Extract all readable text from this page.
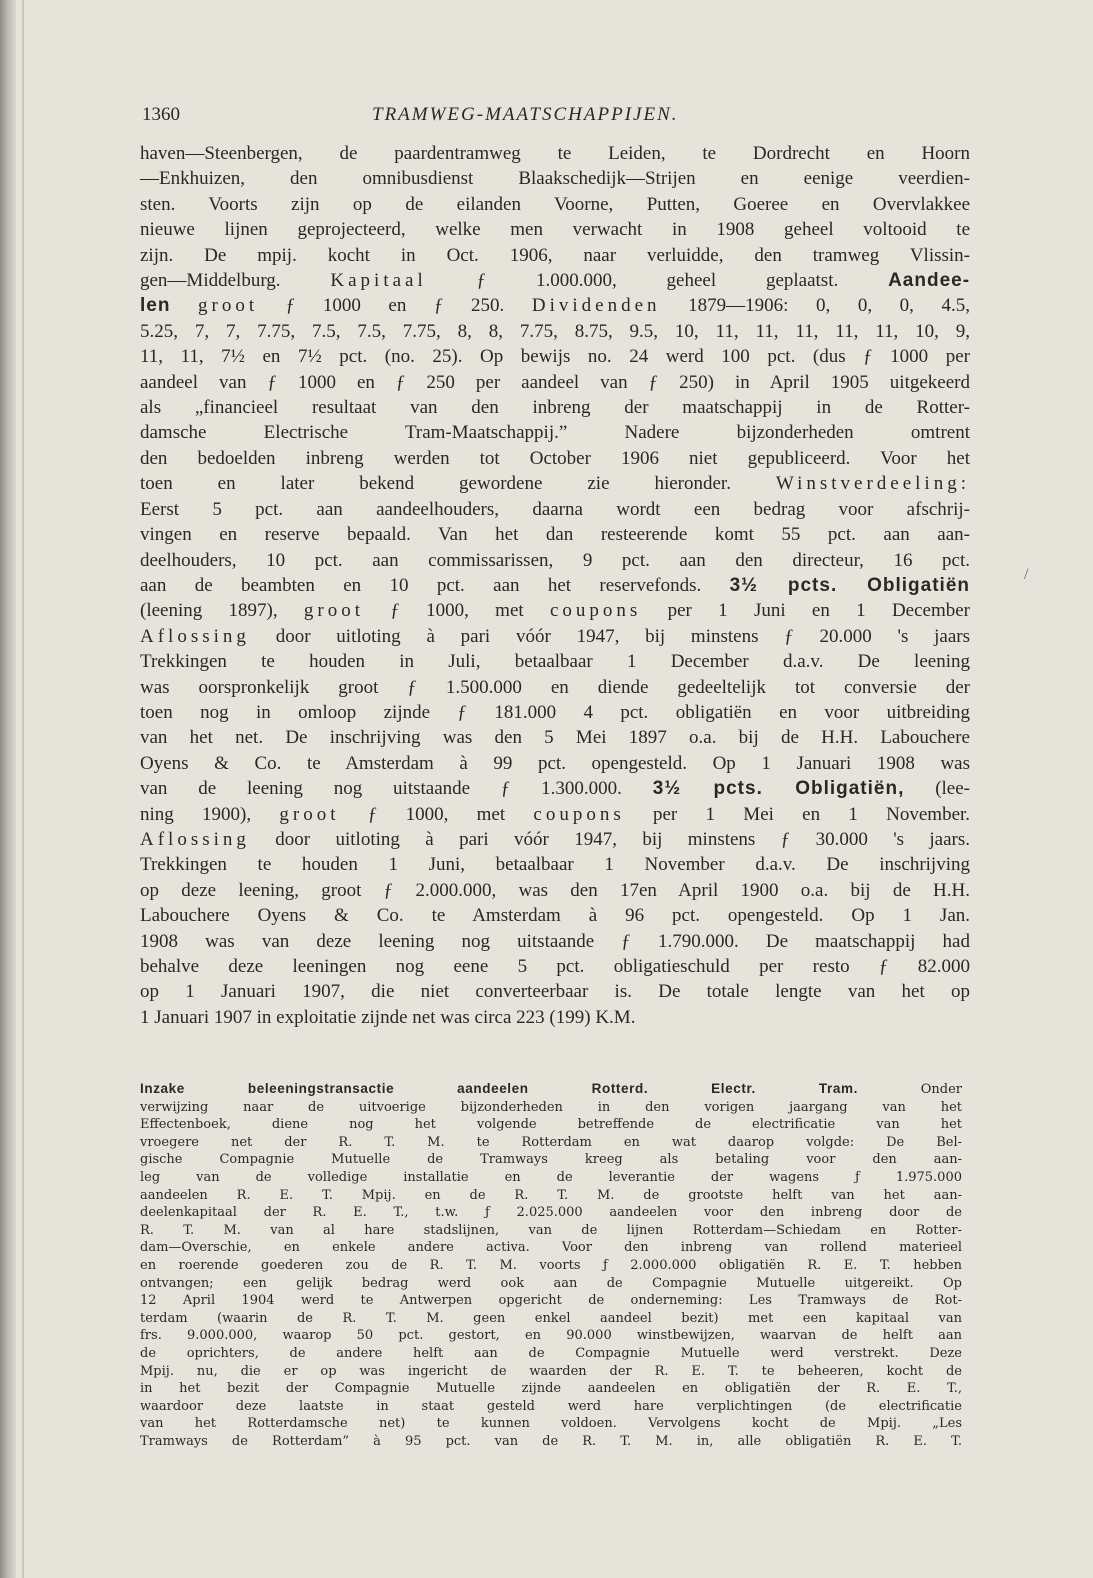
1360	TRAMWEG-MAATSCHAPPIJEN.

haven—Steenbergen, de paardentramweg te Leiden, te Dordrecht en Hoorn

—Enkhuizen, den omnibusdienst Blaakschedijk—Strijen en eenige veerdien-

sten. Voorts zijn op de eilanden Voorne, Putten, Goeree en Overvlakkee

nieuwe lijnen geprojecteerd, welke men verwacht in 1908 geheel voltooid te

zijn. De mpij. kocht in Oct. 1906, naar verluidde, den tramweg Vlissin-

gen—Middelburg.	Kapitaal	ƒ 1.000.000, geheel geplaatst.	Aandee-

len groot ƒ 1000 en ƒ 250. Dividenden 1879—1906: 0, 0, 0, 4.5,

5.25, 7, 7, 7.75, 7.5, 7.5, 7.75, 8, 8, 7.75, 8.75, 9.5, 10, 11, 11, 11, 11, 11, 10, 9,

11, 11, 7½ en 7½ pct. (no. 25). Op bewijs no. 24 werd 100 pct. (dus ƒ 1000 per

aandeel van ƒ 1000 en ƒ 250 per aandeel van ƒ 250) in April 1905 uitgekeerd

als „financieel resultaat van den inbreng der maatschappij in de Rotter-

damsche Electrische Tram-Maatschappij.” Nadere bijzonderheden omtrent

den bedoelden inbreng werden tot October 1906 niet gepubliceerd. Voor het

toen en later bekend gewordene zie hieronder. Winstverdeeling:

Eerst 5 pct. aan aandeelhouders, daarna wordt een bedrag voor afschrij-

vingen en reserve bepaald. Van het dan resteerende komt 55 pct. aan aan-

deelhouders, 10 pct. aan commissarissen, 9 pct. aan den directeur, 16 pct.

aan de beambten en 10 pct. aan het reservefonds. 3½ pcts. Obligatiën

(leening 1897), groot ƒ 1000, met coupons per 1 Juni en 1 December

Aflossing door uitloting à pari vóór 1947, bij minstens ƒ 20.000 's jaars

Trekkingen te houden in Juli, betaalbaar 1 December d.a.v. De leening

was oorspronkelijk groot ƒ 1.500.000 en diende gedeeltelijk tot conversie der

toen nog in omloop zijnde ƒ 181.000 4 pct. obligatiën en voor uitbreiding

van het net. De inschrijving was den 5 Mei 1897 o.a. bij de H.H. Labouchere

Oyens & Co. te Amsterdam à 99 pct. opengesteld. Op 1 Januari 1908 was

van de leening nog uitstaande ƒ 1.300.000. 3½ pcts. Obligatiën, (lee-

ning 1900), groot ƒ 1000, met coupons per 1 Mei en 1 November.

Aflossing door uitloting à pari vóór 1947, bij minstens ƒ 30.000 's jaars.

Trekkingen te houden 1 Juni, betaalbaar 1 November d.a.v. De inschrijving

op deze leening, groot ƒ 2.000.000, was den 17en April 1900 o.a. bij de H.H.

Labouchere Oyens & Co. te Amsterdam à 96 pct. opengesteld. Op 1 Jan.

1908 was van deze leening nog uitstaande ƒ 1.790.000. De maatschappij had

behalve deze leeningen nog eene 5 pct. obligatieschuld per resto ƒ 82.000

op 1 Januari 1907, die niet converteerbaar is. De totale lengte van het op

1 Januari 1907 in exploitatie zijnde net was circa 223 (199) K.M.

Inzake beleeningstransactie aandeelen Rotterd. Electr. Tram.	Onder

verwijzing naar de uitvoerige bijzonderheden in den vorigen jaargang van het

Effectenboek, diene nog het volgende betreffende de electrificatie van het

vroegere net der R. T. M. te Rotterdam en wat daarop volgde: De Bel-

gische Compagnie Mutuelle de Tramways kreeg als betaling voor den aan-

leg van de volledige installatie en de leverantie der wagens ƒ 1.975.000

aandeelen R. E. T. Mpij. en de R. T. M. de grootste helft van het aan-

deelenkapitaal der R. E. T., t.w. ƒ 2.025.000 aandeelen voor den inbreng door de

R. T. M. van al hare stadslijnen, van de lijnen Rotterdam—Schiedam en Rotter-

dam—Overschie, en enkele andere activa. Voor den inbreng van rollend materieel

en roerende goederen zou de R. T. M. voorts ƒ 2.000.000 obligatiën R. E. T. hebben

ontvangen; een gelijk bedrag werd ook aan de Compagnie Mutuelle uitgereikt. Op

12 April 1904 werd te Antwerpen opgericht de onderneming: Les Tramways de Rot-

terdam (waarin de R. T. M. geen enkel aandeel bezit) met een kapitaal van

frs. 9.000.000, waarop 50 pct. gestort, en 90.000 winstbewijzen, waarvan de helft aan

de oprichters, de andere helft aan de Compagnie Mutuelle werd verstrekt. Deze

Mpij. nu, die er op was ingericht de waarden der R. E. T. te beheeren, kocht de

in het bezit der Compagnie Mutuelle zijnde aandeelen en obligatiën der R. E. T.,

waardoor deze laatste in staat gesteld werd hare verplichtingen (de electrificatie

van het Rotterdamsche net) te kunnen voldoen. Vervolgens kocht de Mpij. „Les

Tramways de Rotterdam” à 95 pct. van de R. T. M. in, alle obligatiën R. E. T.

/
